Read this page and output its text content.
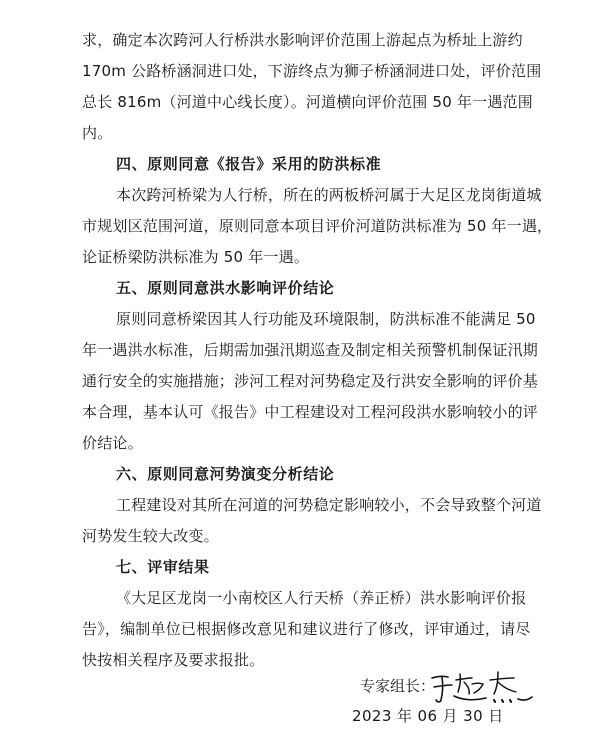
求，确定本次跨河人行桥洪水影响评价范围上游起点为桥址上游约
170m 公路桥涵洞进口处，下游终点为狮子桥涵洞进口处，评价范围
总长 816m（河道中心线长度）。河道横向评价范围 50 年一遇范围
内。
四、原则同意《报告》采用的防洪标准
本次跨河桥梁为人行桥，所在的两板桥河属于大足区龙岗街道城
市规划区范围河道，原则同意本项目评价河道防洪标准为 50 年一遇，
论证桥梁防洪标准为 50 年一遇。
五、原则同意洪水影响评价结论
原则同意桥梁因其人行功能及环境限制，防洪标准不能满足 50
年一遇洪水标准，后期需加强汛期巡查及制定相关预警机制保证汛期
通行安全的实施措施；涉河工程对河势稳定及行洪安全影响的评价基
本合理，基本认可《报告》中工程建设对工程河段洪水影响较小的评
价结论。
六、原则同意河势演变分析结论
工程建设对其所在河道的河势稳定影响较小，不会导致整个河道
河势发生较大改变。
七、评审结果
《大足区龙岗一小南校区人行天桥（养正桥）洪水影响评价报
告》，编制单位已根据修改意见和建议进行了修改，评审通过，请尽
快按相关程序及要求报批。
专家组长：
2023 年 06 月 30 日
